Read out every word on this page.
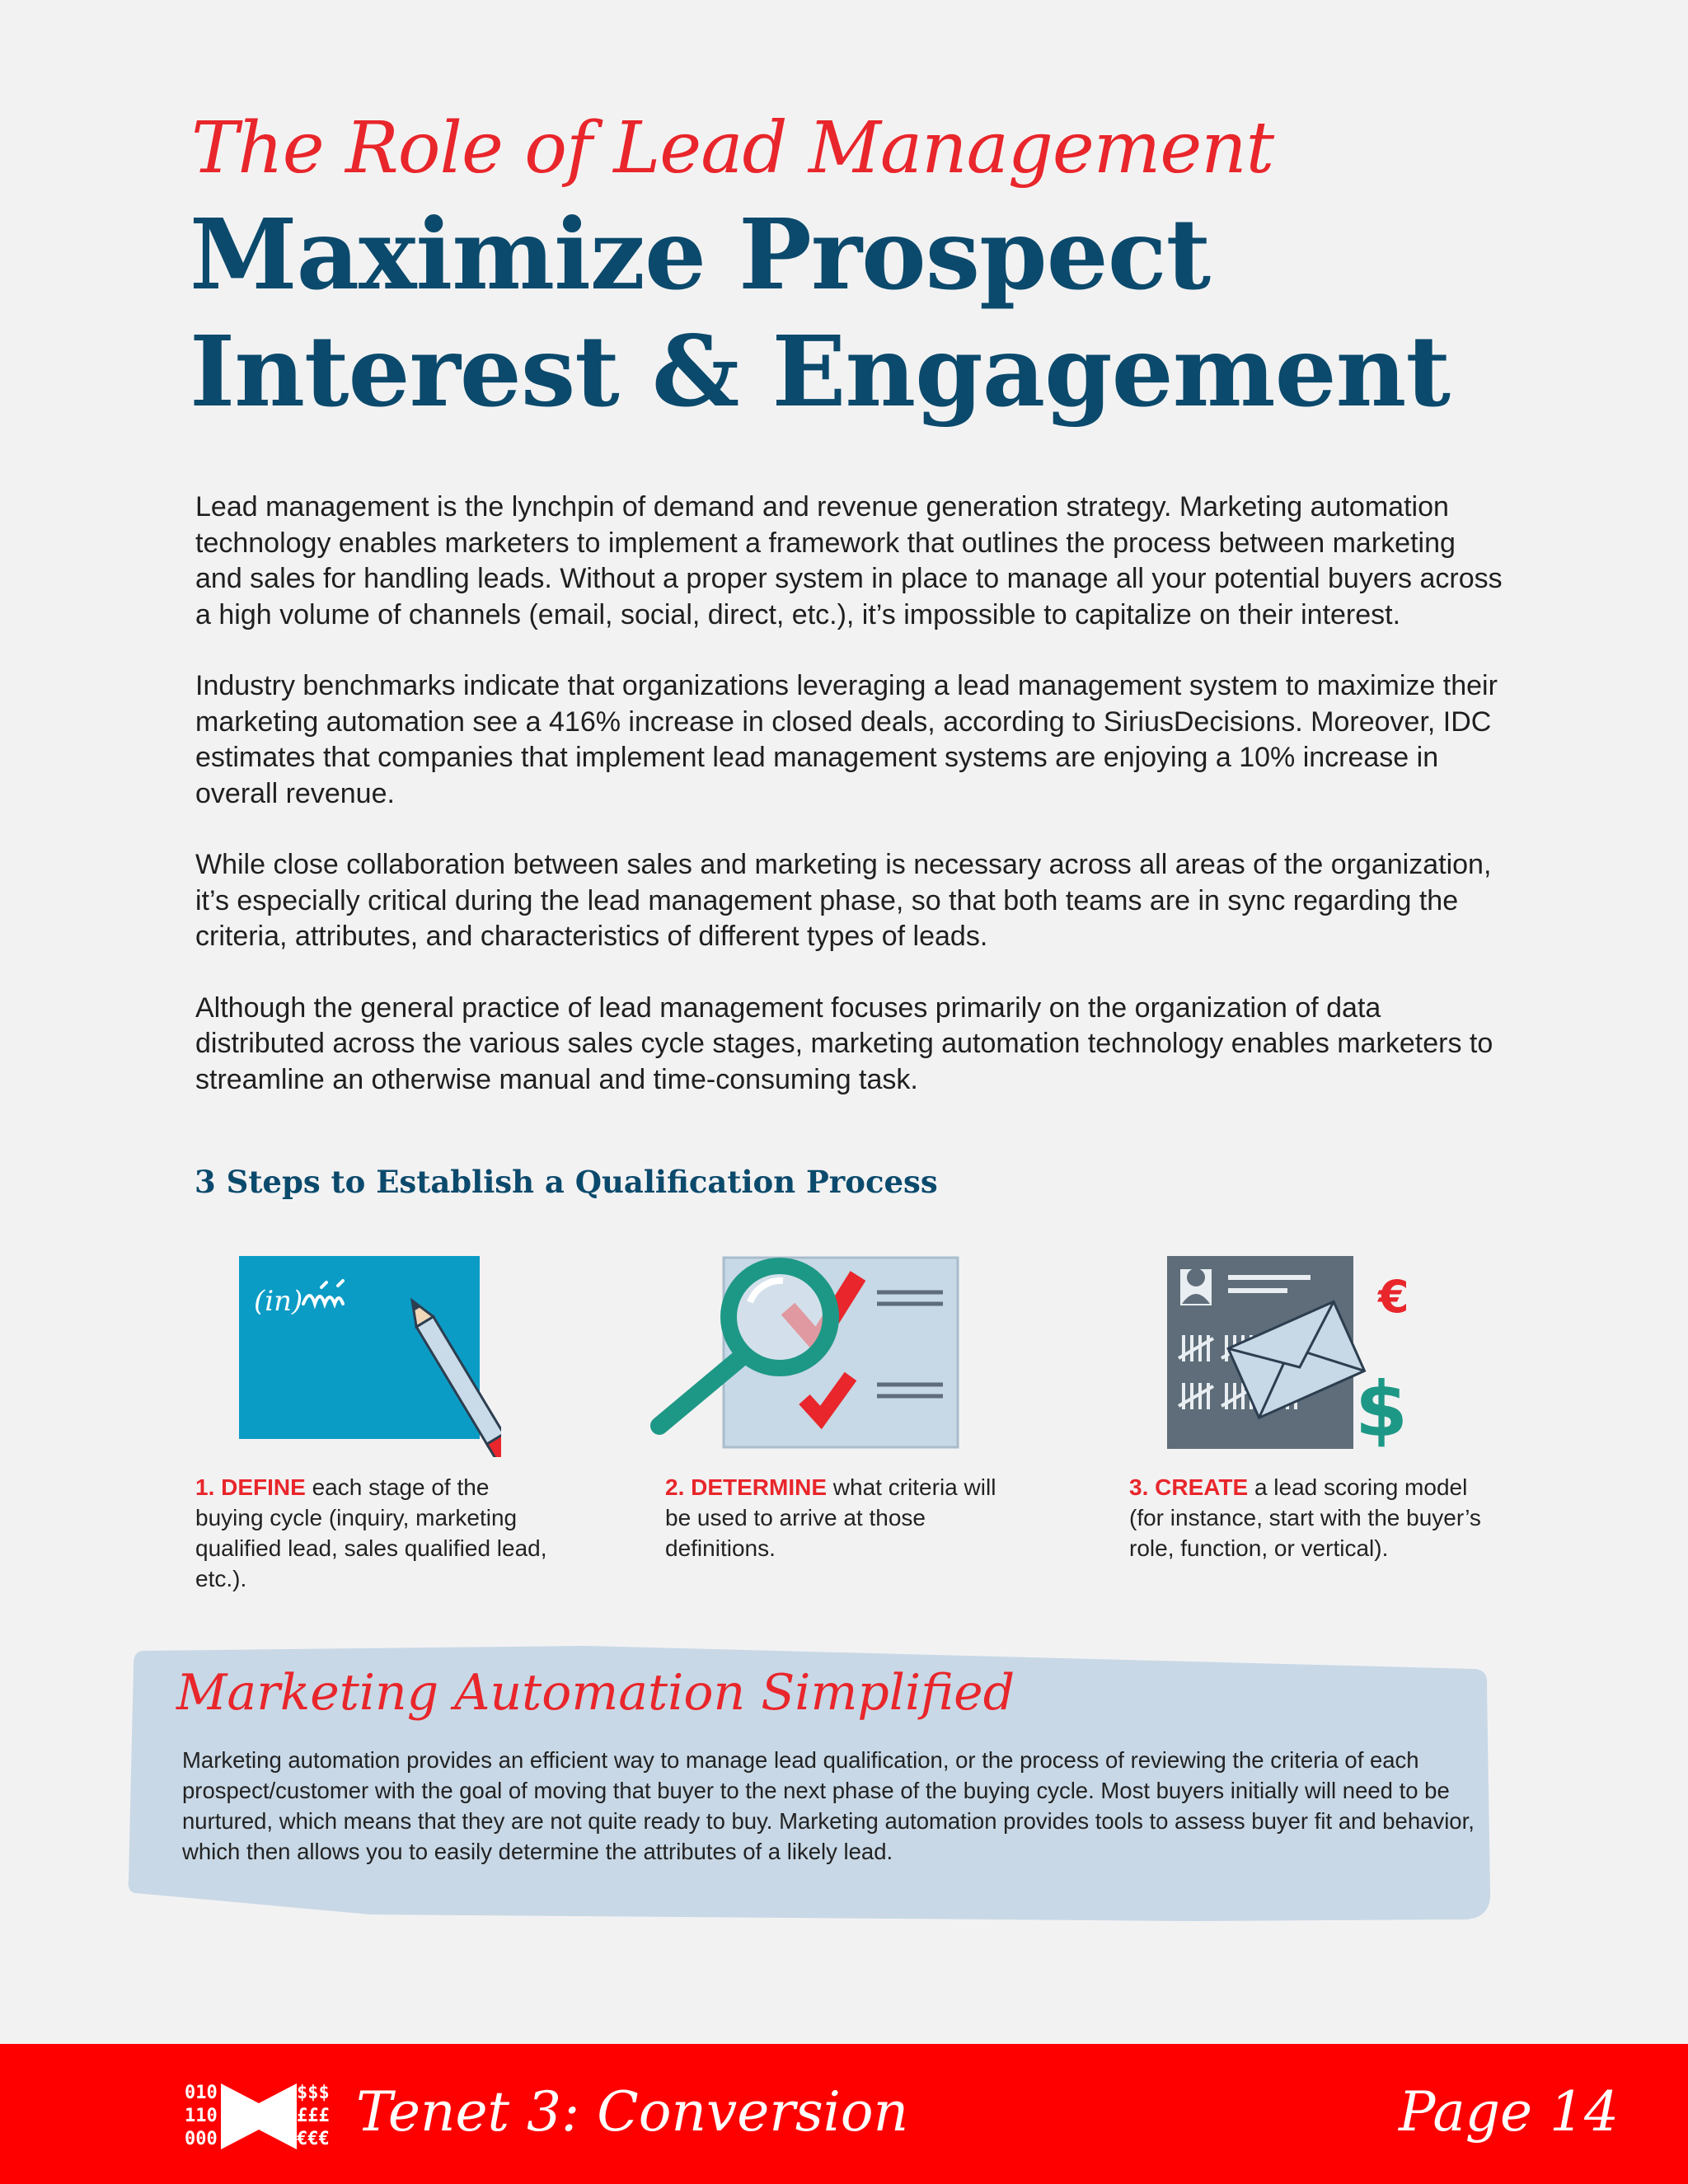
The Role of Lead Management
Maximize Prospect
Interest & Engagement

Lead management is the lynchpin of demand and revenue generation strategy. Marketing automation technology enables marketers to implement a framework that outlines the process between marketing and sales for handling leads. Without a proper system in place to manage all your potential buyers across a high volume of channels (email, social, direct, etc.), it’s impossible to capitalize on their interest.

Industry benchmarks indicate that organizations leveraging a lead management system to maximize their marketing automation see a 416% increase in closed deals, according to SiriusDecisions. Moreover, IDC estimates that companies that implement lead management systems are enjoying a 10% increase in overall revenue.

While close collaboration between sales and marketing is necessary across all areas of the organization, it’s especially critical during the lead management phase, so that both teams are in sync regarding the criteria, attributes, and characteristics of different types of leads.

Although the general practice of lead management focuses primarily on the organization of data distributed across the various sales cycle stages, marketing automation technology enables marketers to streamline an otherwise manual and time-consuming task.

3 Steps to Establish a Qualification Process
(in)	€
$
1. DEFINE each stage of the buying cycle (inquiry, marketing qualified lead, sales qualified lead, etc.).
2. DETERMINE what criteria will be used to arrive at those definitions.
3. CREATE a lead scoring model (for instance, start with the buyer’s role, function, or vertical).
Marketing Automation Simplified
Marketing automation provides an efficient way to manage lead qualification, or the process of reviewing the criteria of each prospect/customer with the goal of moving that buyer to the next phase of the buying cycle. Most buyers initially will need to be nurtured, which means that they are not quite ready to buy. Marketing automation provides tools to assess buyer fit and behavior, which then allows you to easily determine the attributes of a likely lead.
010
110
000
$$$
£££
€€€ Tenet 3: Conversion	Page 14
